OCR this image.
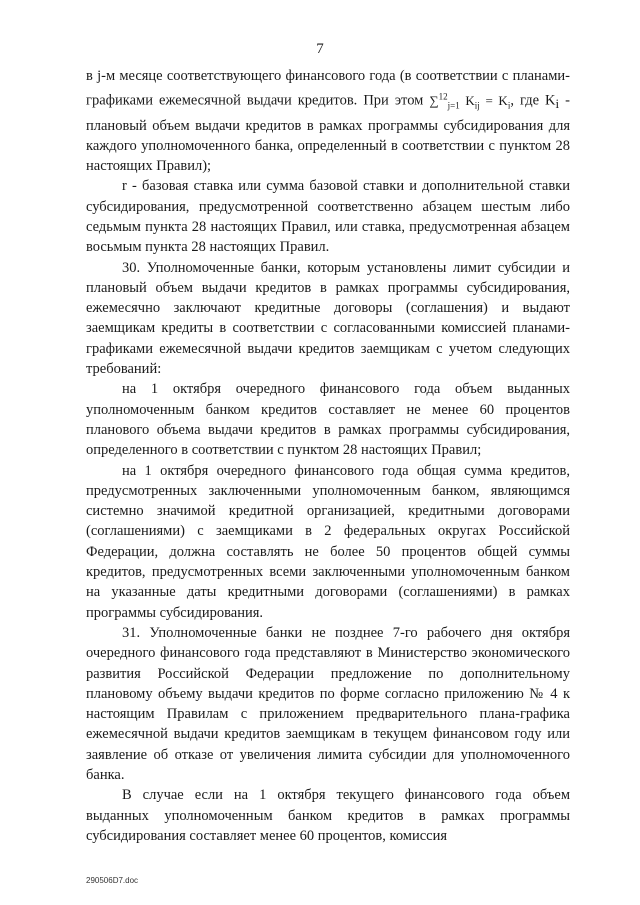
7

в j-м месяце соответствующего финансового года (в соответствии с планами-графиками ежемесячной выдачи кредитов. При этом ∑$^{12}_{j=1}$ $K_{ij} = K_i$, где $K_i$ - плановый объем выдачи кредитов в рамках программы субсидирования для каждого уполномоченного банка, определенный в соответствии с пунктом 28 настоящих Правил);

r - базовая ставка или сумма базовой ставки и дополнительной ставки субсидирования, предусмотренной соответственно абзацем шестым либо седьмым пункта 28 настоящих Правил, или ставка, предусмотренная абзацем восьмым пункта 28 настоящих Правил.

30. Уполномоченные банки, которым установлены лимит субсидии и плановый объем выдачи кредитов в рамках программы субсидирования, ежемесячно заключают кредитные договоры (соглашения) и выдают заемщикам кредиты в соответствии с согласованными комиссией планами-графиками ежемесячной выдачи кредитов заемщикам с учетом следующих требований:

на 1 октября очередного финансового года объем выданных уполномоченным банком кредитов составляет не менее 60 процентов планового объема выдачи кредитов в рамках программы субсидирования, определенного в соответствии с пунктом 28 настоящих Правил;

на 1 октября очередного финансового года общая сумма кредитов, предусмотренных заключенными уполномоченным банком, являющимся системно значимой кредитной организацией, кредитными договорами (соглашениями) с заемщиками в 2 федеральных округах Российской Федерации, должна составлять не более 50 процентов общей суммы кредитов, предусмотренных всеми заключенными уполномоченным банком на указанные даты кредитными договорами (соглашениями) в рамках программы субсидирования.

31. Уполномоченные банки не позднее 7-го рабочего дня октября очередного финансового года представляют в Министерство экономического развития Российской Федерации предложение по дополнительному плановому объему выдачи кредитов по форме согласно приложению № 4 к настоящим Правилам с приложением предварительного плана-графика ежемесячной выдачи кредитов заемщикам в текущем финансовом году или заявление об отказе от увеличения лимита субсидии для уполномоченного банка.

В случае если на 1 октября текущего финансового года объем выданных уполномоченным банком кредитов в рамках программы субсидирования составляет менее 60 процентов, комиссия

290506D7.doc
